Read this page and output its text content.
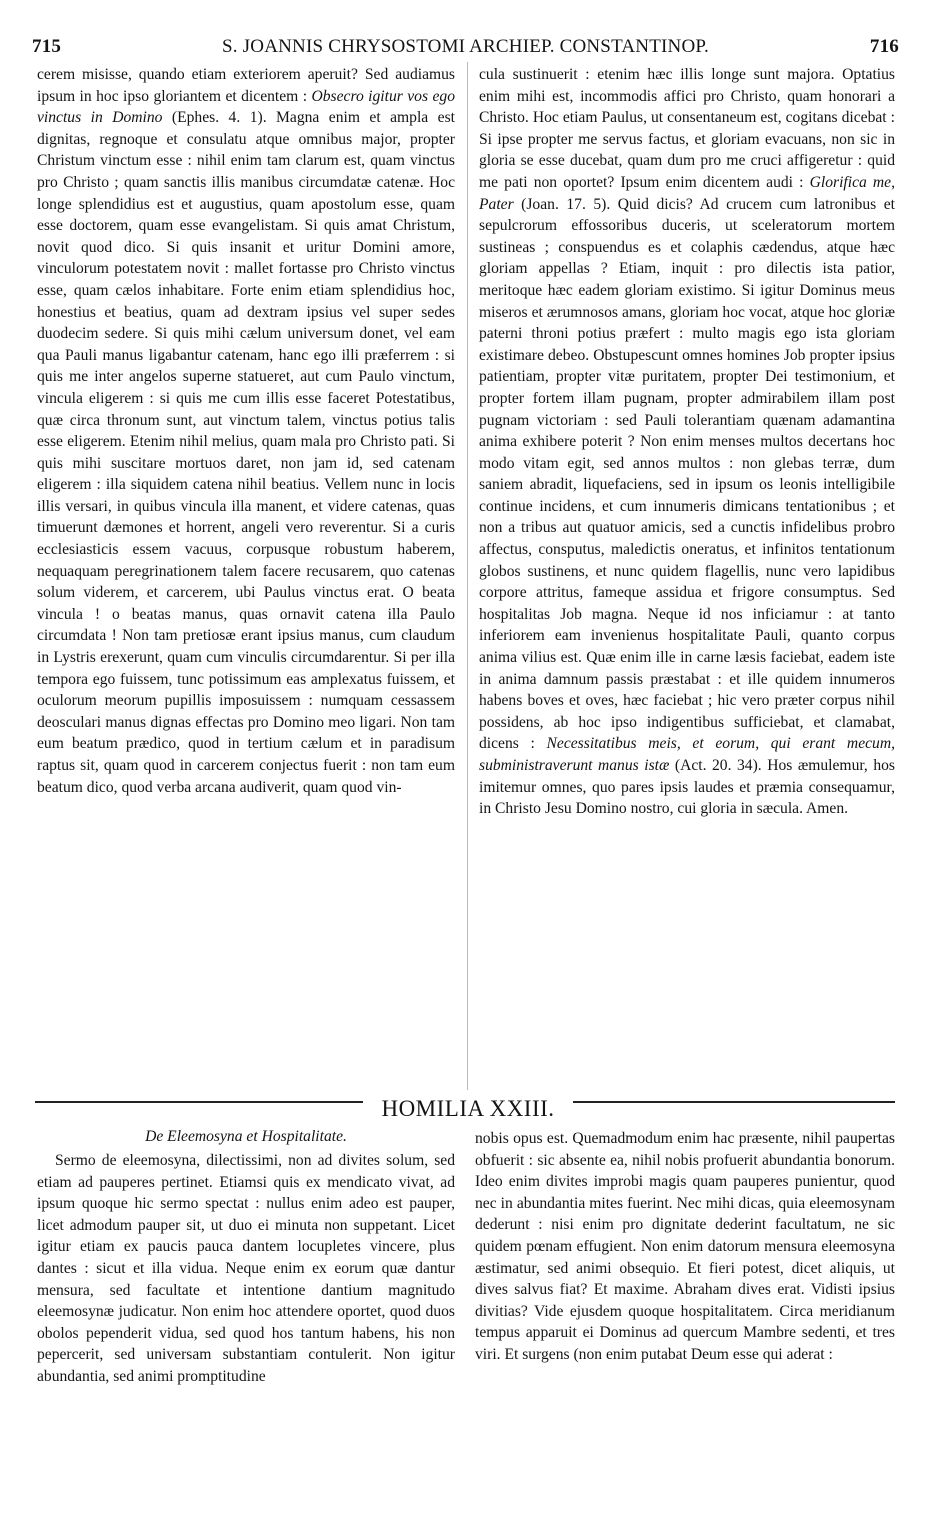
715	S. JOANNIS CHRYSOSTOMI ARCHIEP. CONSTANTINOP.	716

cerem misisse, quando etiam exteriorem aperuit? Sed audiamus ipsum in hoc ipso gloriantem et dicentem : Obsecro igitur vos ego vinctus in Domino (Ephes. 4. 1). Magna enim et ampla est dignitas, regnoque et consulatu atque omnibus major, propter Christum vinctum esse : nihil enim tam clarum est, quam vinctus pro Christo ; quam sanctis illis manibus circumdatæ catenæ. Hoc longe splendidius est et augustius, quam apostolum esse, quam esse doctorem, quam esse evangelistam. Si quis amat Christum, novit quod dico. Si quis insanit et uritur Domini amore, vinculorum potestatem novit : mallet fortasse pro Christo vinctus esse, quam cælos inhabitare. Forte enim etiam splendidius hoc, honestius et beatius, quam ad dextram ipsius vel super sedes duodecim sedere. Si quis mihi cælum universum donet, vel eam qua Pauli manus ligabantur catenam, hanc ego illi præferrem : si quis me inter angelos superne statueret, aut cum Paulo vinctum, vincula eligerem : si quis me cum illis esse faceret Potestatibus, quæ circa thronum sunt, aut vinctum talem, vinctus potius talis esse eligerem. Etenim nihil melius, quam mala pro Christo pati. Si quis mihi suscitare mortuos daret, non jam id, sed catenam eligerem : illa siquidem catena nihil beatius. Vellem nunc in locis illis versari, in quibus vincula illa manent, et videre catenas, quas timuerunt dæmones et horrent, angeli vero reverentur. Si a curis ecclesiasticis essem vacuus, corpusque robustum haberem, nequaquam peregrinationem talem facere recusarem, quo catenas solum viderem, et carcerem, ubi Paulus vinctus erat. O beata vincula ! o beatas manus, quas ornavit catena illa Paulo circumdata ! Non tam pretiosæ erant ipsius manus, cum claudum in Lystris erexerunt, quam cum vinculis circumdarentur. Si per illa tempora ego fuissem, tunc potissimum eas amplexatus fuissem, et oculorum meorum pupillis imposuissem : numquam cessassem deosculari manus dignas effectas pro Domino meo ligari. Non tam eum beatum prædico, quod in tertium cælum et in paradisum raptus sit, quam quod in carcerem conjectus fuerit : non tam eum beatum dico, quod verba arcana audiverit, quam quod vin-

cula sustinuerit : etenim hæc illis longe sunt majora. Optatius enim mihi est, incommodis affici pro Christo, quam honorari a Christo. Hoc etiam Paulus, ut consentaneum est, cogitans dicebat : Si ipse propter me servus factus, et gloriam evacuans, non sic in gloria se esse ducebat, quam dum pro me cruci affigeretur : quid me pati non oportet? Ipsum enim dicentem audi : Glorifica me, Pater (Joan. 17. 5). Quid dicis? Ad crucem cum latronibus et sepulcrorum effossoribus duceris, ut sceleratorum mortem sustineas ; conspuendus es et colaphis cædendus, atque hæc gloriam appellas ? Etiam, inquit : pro dilectis ista patior, meritoque hæc eadem gloriam existimo. Si igitur Dominus meus miseros et ærumnosos amans, gloriam hoc vocat, atque hoc gloriæ paterni throni potius præfert : multo magis ego ista gloriam existimare debeo. Obstupescunt omnes homines Job propter ipsius patientiam, propter vitæ puritatem, propter Dei testimonium, et propter fortem illam pugnam, propter admirabilem illam post pugnam victoriam : sed Pauli tolerantiam quænam adamantina anima exhibere poterit ? Non enim menses multos decertans hoc modo vitam egit, sed annos multos : non glebas terræ, dum saniem abradit, liquefaciens, sed in ipsum os leonis intelligibile continue incidens, et cum innumeris dimicans tentationibus ; et non a tribus aut quatuor amicis, sed a cunctis infidelibus probro affectus, consputus, maledictis oneratus, et infinitos tentationum globos sustinens, et nunc quidem flagellis, nunc vero lapidibus corpore attritus, fameque assidua et frigore consumptus. Sed hospitalitas Job magna. Neque id nos inficiamur : at tanto inferiorem eam invenienus hospitalitate Pauli, quanto corpus anima vilius est. Quæ enim ille in carne læsis faciebat, eadem iste in anima damnum passis præstabat : et ille quidem innumeros habens boves et oves, hæc faciebat ; hic vero præter corpus nihil possidens, ab hoc ipso indigentibus sufficiebat, et clamabat, dicens : Necessitatibus meis, et eorum, qui erant mecum, subministraverunt manus istæ (Act. 20. 34). Hos æmulemur, hos imitemur omnes, quo pares ipsis laudes et præmia consequamur, in Christo Jesu Domino nostro, cui gloria in sæcula. Amen.

HOMILIA XXIII.
De Eleemosyna et Hospitalitate.

Sermo de eleemosyna, dilectissimi, non ad divites solum, sed etiam ad pauperes pertinet. Etiamsi quis ex mendicato vivat, ad ipsum quoque hic sermo spectat : nullus enim adeo est pauper, licet admodum pauper sit, ut duo ei minuta non suppetant. Licet igitur etiam ex paucis pauca dantem locupletes vincere, plus dantes : sicut et illa vidua. Neque enim ex eorum quæ dantur mensura, sed facultate et intentione dantium magnitudo eleemosynæ judicatur. Non enim hoc attendere oportet, quod duos obolos pependerit vidua, sed quod hos tantum habens, his non pepercerit, sed universam substantiam contulerit. Non igitur abundantia, sed animi promptitudine

nobis opus est. Quemadmodum enim hac præsente, nihil paupertas obfuerit : sic absente ea, nihil nobis profuerit abundantia bonorum. Ideo enim divites improbi magis quam pauperes punientur, quod nec in abundantia mites fuerint. Nec mihi dicas, quia eleemosynam dederunt : nisi enim pro dignitate dederint facultatum, ne sic quidem pœnam effugient. Non enim datorum mensura eleemosyna æstimatur, sed animi obsequio. Et fieri potest, dicet aliquis, ut dives salvus fiat? Et maxime. Abraham dives erat. Vidisti ipsius divitias? Vide ejusdem quoque hospitalitatem. Circa meridianum tempus apparuit ei Dominus ad quercum Mambre sedenti, et tres viri. Et surgens (non enim putabat Deum esse qui aderat :
